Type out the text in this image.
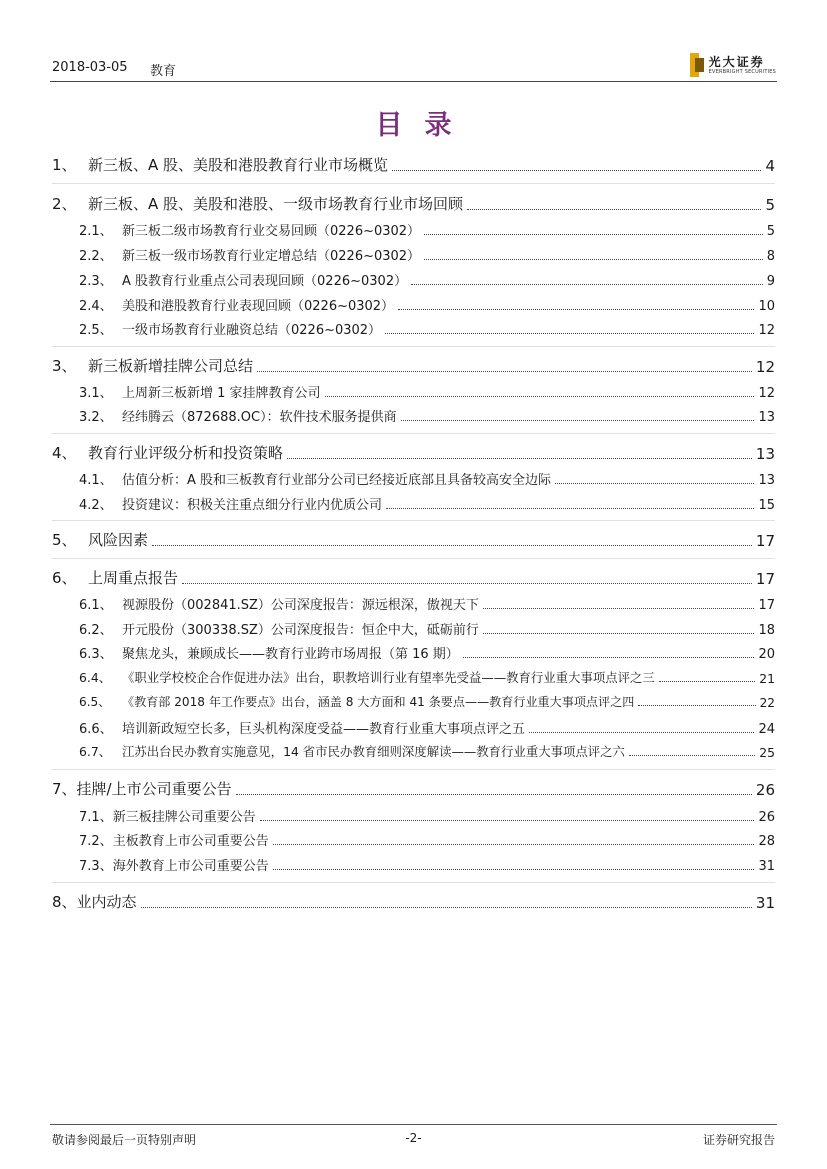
2018-03-05 教育
光大证券
EVERBRIGHT SECURITIES
目录
1、 新三板、A 股、美股和港股教育行业市场概览	4
2、 新三板、A 股、美股和港股、一级市场教育行业市场回顾	5
2.1、 新三板二级市场教育行业交易回顾（0226~0302）	5
2.2、 新三板一级市场教育行业定增总结（0226~0302）	8
2.3、 A 股教育行业重点公司表现回顾（0226~0302）	9
2.4、 美股和港股教育行业表现回顾（0226~0302）	10
2.5、 一级市场教育行业融资总结（0226~0302）	12
3、 新三板新增挂牌公司总结	12
3.1、 上周新三板新增 1 家挂牌教育公司	12
3.2、 经纬腾云（872688.OC）：软件技术服务提供商	13
4、 教育行业评级分析和投资策略	13
4.1、 估值分析：A 股和三板教育行业部分公司已经接近底部且具备较高安全边际	13
4.2、 投资建议：积极关注重点细分行业内优质公司	15
5、 风险因素	17
6、 上周重点报告	17
6.1、 视源股份（002841.SZ）公司深度报告：源远根深，傲视天下	17
6.2、 开元股份（300338.SZ）公司深度报告：恒企中大，砥砺前行	18
6.3、 聚焦龙头，兼顾成长——教育行业跨市场周报（第 16 期）	20
6.4、 《职业学校校企合作促进办法》出台，职教培训行业有望率先受益——教育行业重大事项点评之三	21
6.5、 《教育部 2018 年工作要点》出台，涵盖 8 大方面和 41 条要点——教育行业重大事项点评之四	22
6.6、 培训新政短空长多，巨头机构深度受益——教育行业重大事项点评之五	24
6.7、 江苏出台民办教育实施意见，14 省市民办教育细则深度解读——教育行业重大事项点评之六	25
7、 挂牌/上市公司重要公告	26
7.1、 新三板挂牌公司重要公告	26
7.2、 主板教育上市公司重要公告	28
7.3、 海外教育上市公司重要公告	31
8、 业内动态	31
敬请参阅最后一页特别声明	-2-	证券研究报告
